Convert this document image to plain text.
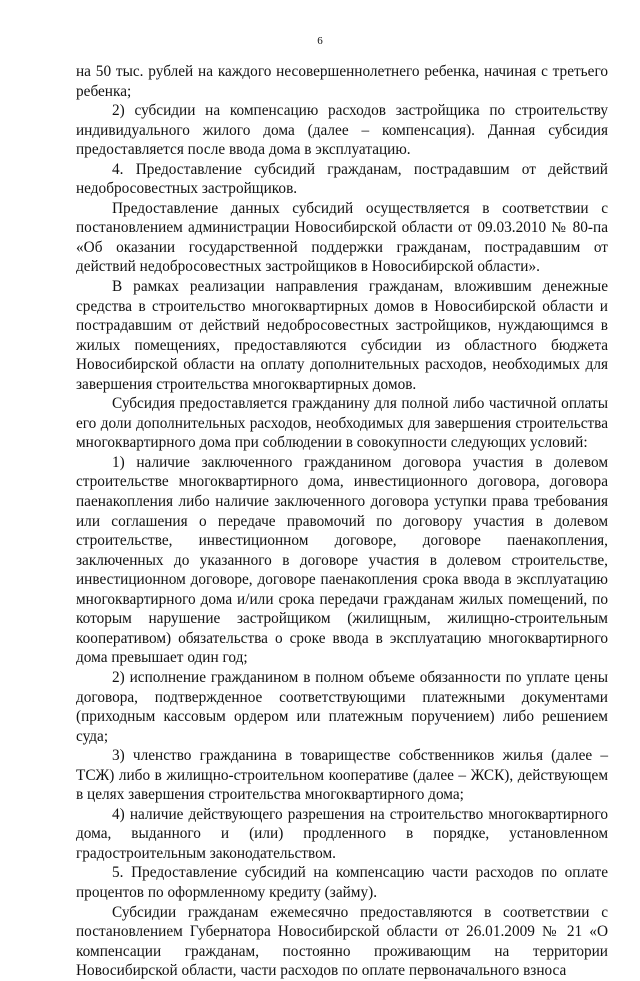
6

на 50 тыс. рублей на каждого несовершеннолетнего ребенка, начиная с третьего ребенка;

2) субсидии на компенсацию расходов застройщика по строительству индивидуального жилого дома (далее – компенсация). Данная субсидия предоставляется после ввода дома в эксплуатацию.

4. Предоставление субсидий гражданам, пострадавшим от действий недобросовестных застройщиков.

Предоставление данных субсидий осуществляется в соответствии с постановлением администрации Новосибирской области от 09.03.2010 № 80-па «Об оказании государственной поддержки гражданам, пострадавшим от действий недобросовестных застройщиков в Новосибирской области».

В рамках реализации направления гражданам, вложившим денежные средства в строительство многоквартирных домов в Новосибирской области и пострадавшим от действий недобросовестных застройщиков, нуждающимся в жилых помещениях, предоставляются субсидии из областного бюджета Новосибирской области на оплату дополнительных расходов, необходимых для завершения строительства многоквартирных домов.

Субсидия предоставляется гражданину для полной либо частичной оплаты его доли дополнительных расходов, необходимых для завершения строительства многоквартирного дома при соблюдении в совокупности следующих условий:

1) наличие заключенного гражданином договора участия в долевом строительстве многоквартирного дома, инвестиционного договора, договора паенакопления либо наличие заключенного договора уступки права требования или соглашения о передаче правомочий по договору участия в долевом строительстве, инвестиционном договоре, договоре паенакопления, заключенных до указанного в договоре участия в долевом строительстве, инвестиционном договоре, договоре паенакопления срока ввода в эксплуатацию многоквартирного дома и/или срока передачи гражданам жилых помещений, по которым нарушение застройщиком (жилищным, жилищно-строительным кооперативом) обязательства о сроке ввода в эксплуатацию многоквартирного дома превышает один год;

2) исполнение гражданином в полном объеме обязанности по уплате цены договора, подтвержденное соответствующими платежными документами (приходным кассовым ордером или платежным поручением) либо решением суда;

3) членство гражданина в товариществе собственников жилья (далее – ТСЖ) либо в жилищно-строительном кооперативе (далее – ЖСК), действующем в целях завершения строительства многоквартирного дома;

4) наличие действующего разрешения на строительство многоквартирного дома, выданного и (или) продленного в порядке, установленном градостроительным законодательством.

5. Предоставление субсидий на компенсацию части расходов по оплате процентов по оформленному кредиту (займу).

Субсидии гражданам ежемесячно предоставляются в соответствии с постановлением Губернатора Новосибирской области от 26.01.2009 № 21 «О компенсации гражданам, постоянно проживающим на территории Новосибирской области, части расходов по оплате первоначального взноса
